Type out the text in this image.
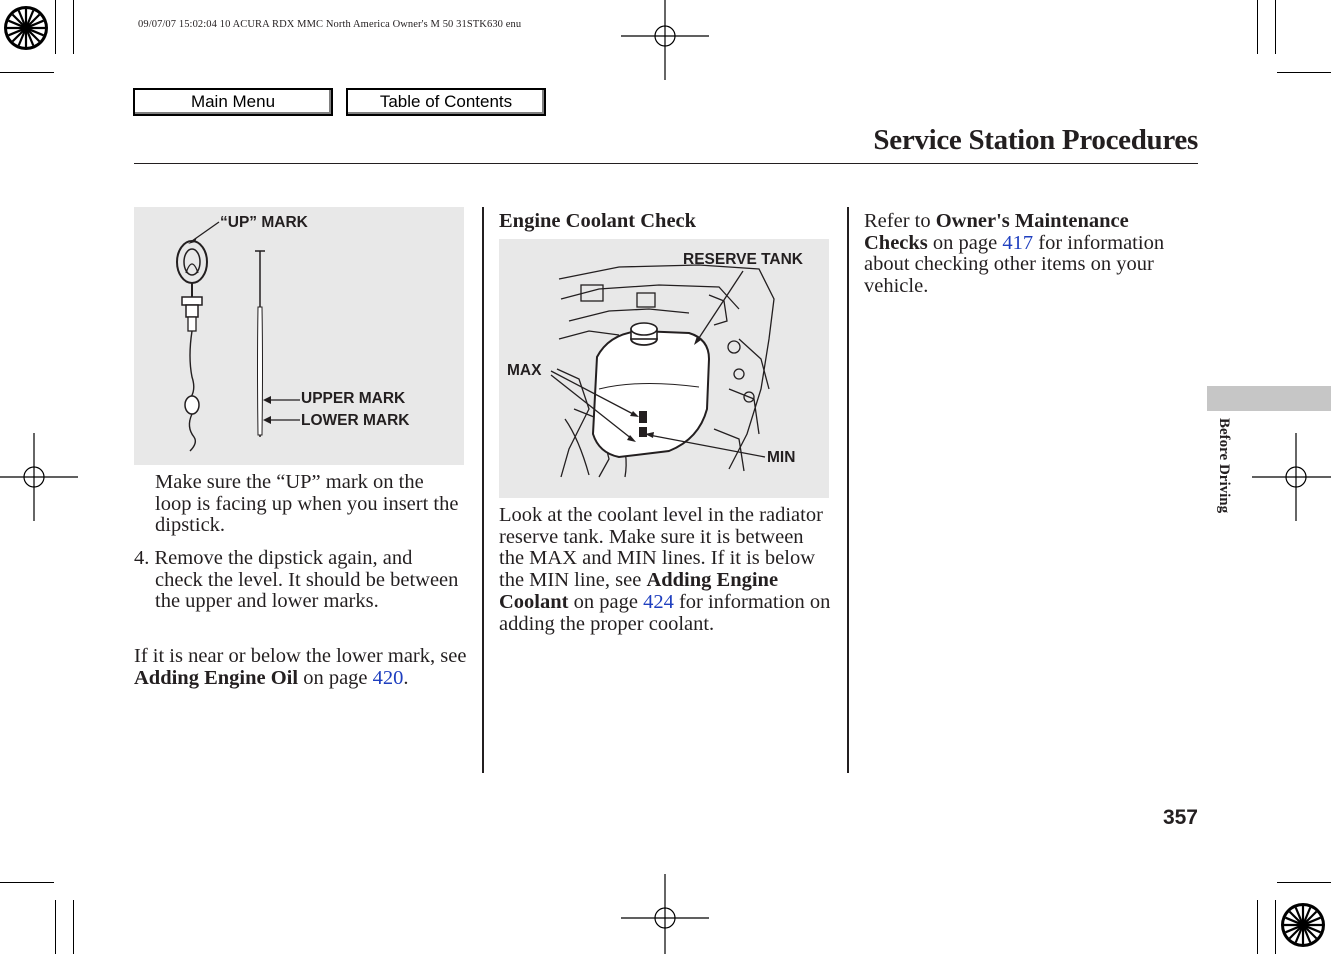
09/07/07 15:02:04 10 ACURA RDX MMC North America Owner's M 50 31STK630 enu
Main Menu	Table of Contents
Service Station Procedures
“UP” MARK
UPPER MARK
LOWER MARK
Make sure the “UP” mark on the loop is facing up when you insert the dipstick.
4. Remove the dipstick again, and check the level. It should be between the upper and lower marks.
If it is near or below the lower mark, see Adding Engine Oil on page 420.
Engine Coolant Check
RESERVE TANK
MAX
MIN
Look at the coolant level in the radiator reserve tank. Make sure it is between the MAX and MIN lines. If it is below the MIN line, see Adding Engine Coolant on page 424 for information on adding the proper coolant.
Refer to Owner's Maintenance Checks on page 417 for information about checking other items on your vehicle.
Before Driving
357
